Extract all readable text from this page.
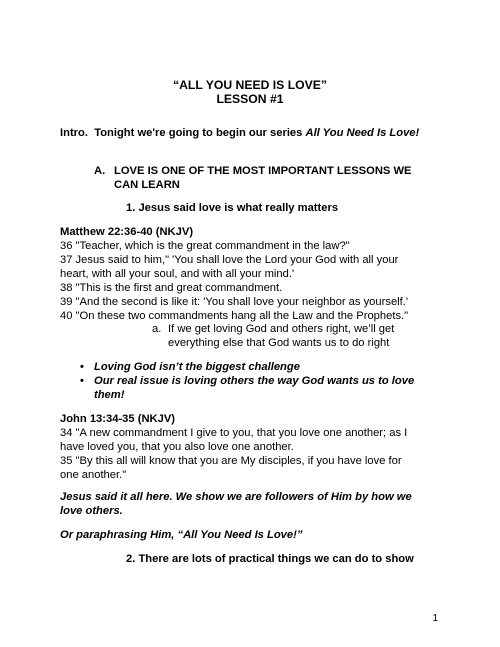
“ALL YOU NEED IS LOVE”
LESSON #1
Intro. Tonight we're going to begin our series All You Need Is Love!
A. LOVE IS ONE OF THE MOST IMPORTANT LESSONS WE
CAN LEARN
1. Jesus said love is what really matters
Matthew 22:36-40 (NKJV)
36 "Teacher, which is the great commandment in the law?"
37 Jesus said to him," 'You shall love the Lord your God with all your
heart, with all your soul, and with all your mind.'
38 "This is the first and great commandment.
39 "And the second is like it: 'You shall love your neighbor as yourself.'
40 "On these two commandments hang all the Law and the Prophets."
a. If we get loving God and others right, we’ll get
everything else that God wants us to do right
• Loving God isn’t the biggest challenge
• Our real issue is loving others the way God wants us to love
them!
John 13:34-35 (NKJV)
34 "A new commandment I give to you, that you love one another; as I
have loved you, that you also love one another.
35 "By this all will know that you are My disciples, if you have love for
one another."
Jesus said it all here. We show we are followers of Him by how we
love others.
Or paraphrasing Him, “All You Need Is Love!”
2. There are lots of practical things we can do to show
1
